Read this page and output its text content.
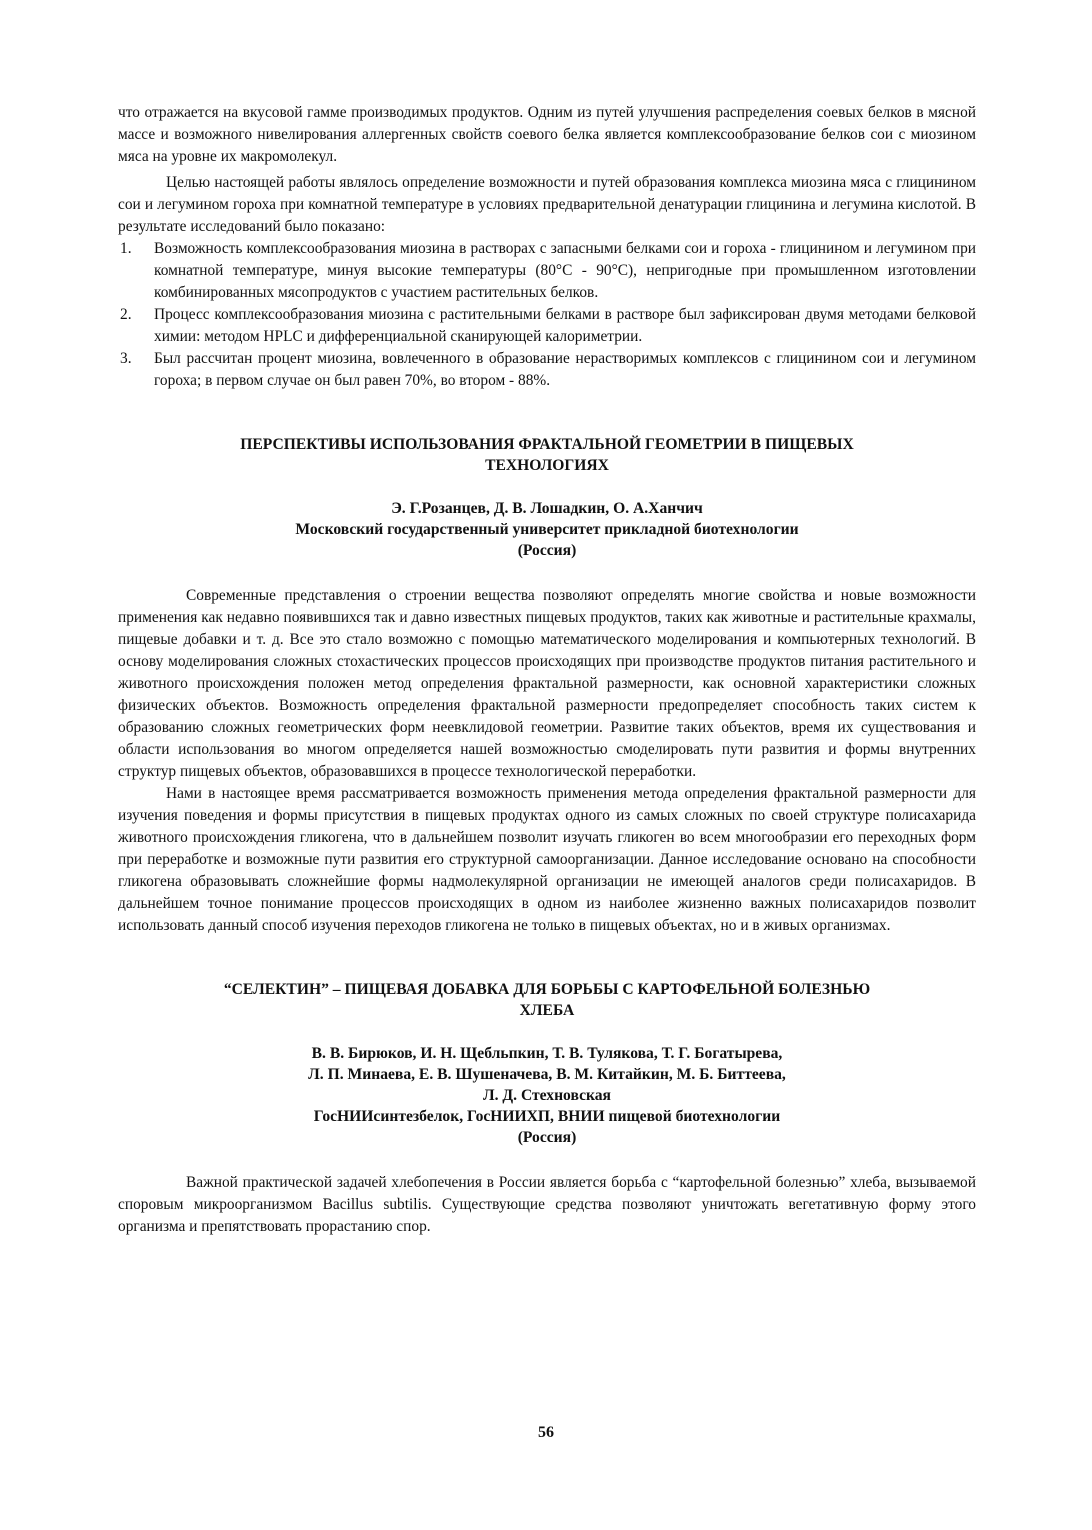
что отражается на вкусовой гамме производимых продуктов. Одним из путей улучшения распределения соевых белков в мясной массе и возможного нивелирования аллергенных свойств соевого белка является комплексообразование белков сои с миозином мяса на уровне их макромолекул.

Целью настоящей работы являлось определение возможности и путей образования комплекса миозина мяса с глицинином сои и легумином гороха при комнатной температуре в условиях предварительной денатурации глицинина и легумина кислотой. В результате исследований было показано:

1. Возможность комплексообразования миозина в растворах с запасными белками сои и гороха - глицинином и легумином при комнатной температуре, минуя высокие температуры (80°C - 90°C), непригодные при промышленном изготовлении комбинированных мясопродуктов с участием растительных белков.
2. Процесс комплексообразования миозина с растительными белками в растворе был зафиксирован двумя методами белковой химии: методом HPLC и дифференциальной сканирующей калориметрии.
3. Был рассчитан процент миозина, вовлеченного в образование нерастворимых комплексов с глицинином сои и легумином гороха; в первом случае он был равен 70%, во втором - 88%.
ПЕРСПЕКТИВЫ ИСПОЛЬЗОВАНИЯ ФРАКТАЛЬНОЙ ГЕОМЕТРИИ В ПИЩЕВЫХ
ТЕХНОЛОГИЯХ
Э. Г.Розанцев, Д. В. Лошадкин, О. А.Ханчич
Московский государственный университет прикладной биотехнологии
(Россия)

Современные представления о строении вещества позволяют определять многие свойства и новые возможности применения как недавно появившихся так и давно известных пищевых продуктов, таких как животные и растительные крахмалы, пищевые добавки и т. д. Все это стало возможно с помощью математического моделирования и компьютерных технологий. В основу моделирования сложных стохастических процессов происходящих при производстве продуктов питания растительного и животного происхождения положен метод определения фрактальной размерности, как основной характеристики сложных физических объектов. Возможность определения фрактальной размерности предопределяет способность таких систем к образованию сложных геометрических форм неевклидовой геометрии. Развитие таких объектов, время их существования и области использования во многом определяется нашей возможностью смоделировать пути развития и формы внутренних структур пищевых объектов, образовавшихся в процессе технологической переработки.

Нами в настоящее время рассматривается возможность применения метода определения фрактальной размерности для изучения поведения и формы присутствия в пищевых продуктах одного из самых сложных по своей структуре полисахарида животного происхождения гликогена, что в дальнейшем позволит изучать гликоген во всем многообразии его переходных форм при переработке и возможные пути развития его структурной самоорганизации. Данное исследование основано на способности гликогена образовывать сложнейшие формы надмолекулярной организации не имеющей аналогов среди полисахаридов. В дальнейшем точное понимание процессов происходящих в одном из наиболее жизненно важных полисахаридов позволит использовать данный способ изучения переходов гликогена не только в пищевых объектах, но и в живых организмах.

“СЕЛЕКТИН” – ПИЩЕВАЯ ДОБАВКА ДЛЯ БОРЬБЫ С КАРТОФЕЛЬНОЙ БОЛЕЗНЬЮ
ХЛЕБА
В. В. Бирюков, И. Н. Щебльпкин, Т. В. Тулякова, Т. Г. Богатырева,
Л. П. Минаева, Е. В. Шушеначева, В. М. Китайкин, М. Б. Биттеева,
Л. Д. Стехновская
ГосНИИсинтезбелок, ГосНИИХП, ВНИИ пищевой биотехнологии
(Россия)

Важной практической задачей хлебопечения в России является борьба с “картофельной болезнью” хлеба, вызываемой споровым микроорганизмом Bacillus subtilis. Существующие средства позволяют уничтожать вегетативную форму этого организма и препятствовать прорастанию спор.

56
